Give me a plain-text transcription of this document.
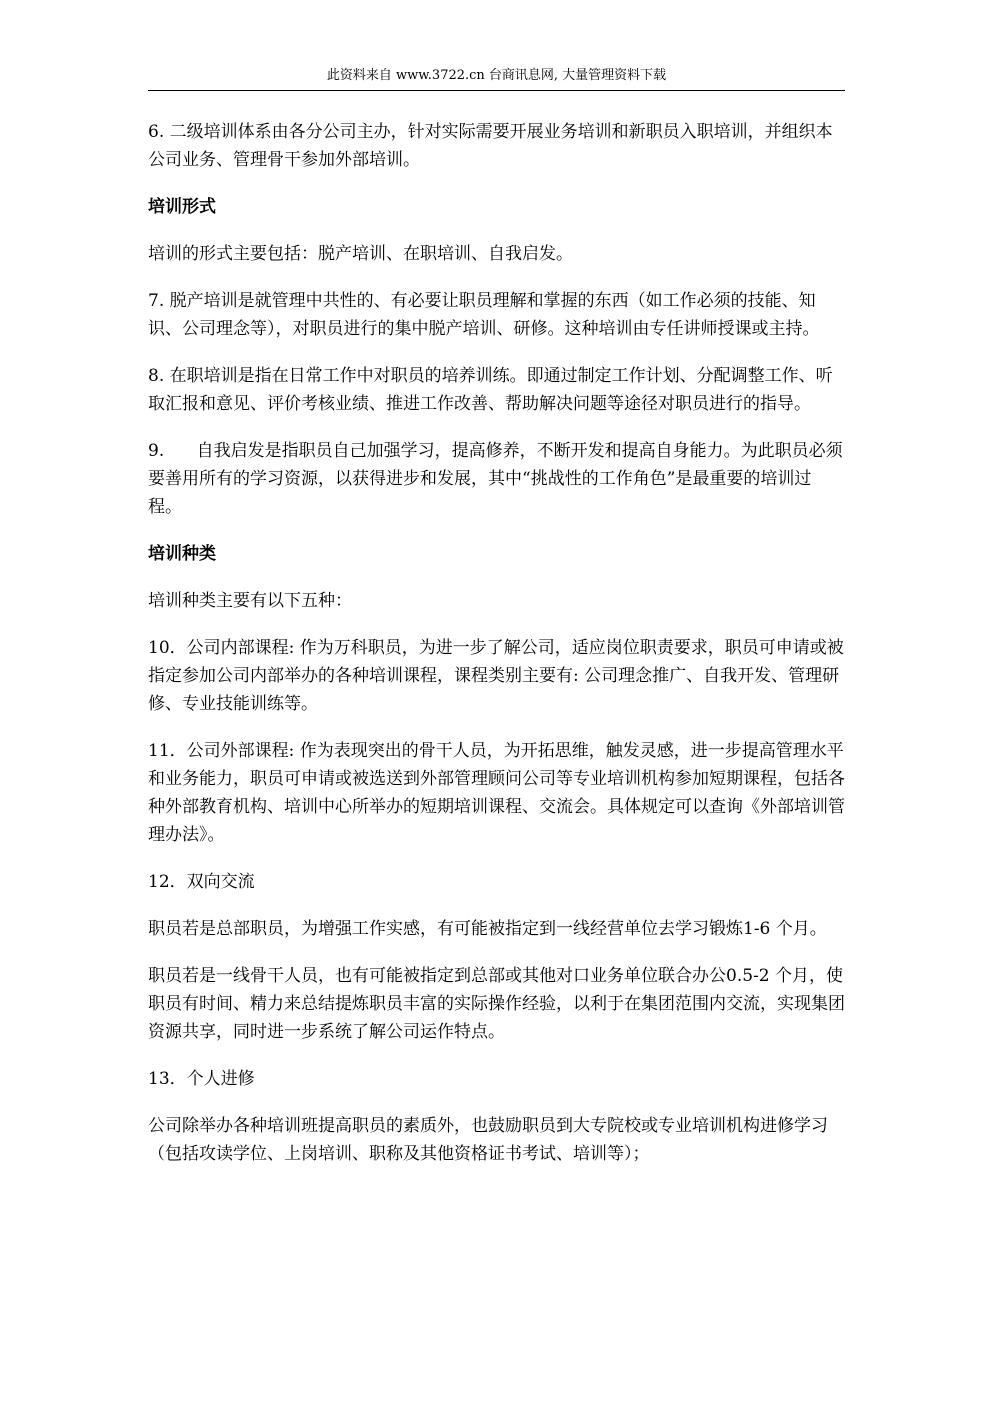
此资料来自 www.3722.cn 台商讯息网, 大量管理资料下载

6. 二级培训体系由各分公司主办，针对实际需要开展业务培训和新职员入职培训，并组织本公司业务、管理骨干参加外部培训。

培训形式

培训的形式主要包括：脱产培训、在职培训、自我启发。

7. 脱产培训是就管理中共性的、有必要让职员理解和掌握的东西（如工作必须的技能、知识、公司理念等），对职员进行的集中脱产培训、研修。这种培训由专任讲师授课或主持。

8. 在职培训是指在日常工作中对职员的培养训练。即通过制定工作计划、分配调整工作、听取汇报和意见、评价考核业绩、推进工作改善、帮助解决问题等途径对职员进行的指导。

9.      自我启发是指职员自己加强学习，提高修养，不断开发和提高自身能力。为此职员必须要善用所有的学习资源，以获得进步和发展，其中“挑战性的工作角色”是最重要的培训过程。

培训种类

培训种类主要有以下五种：

10．公司内部课程: 作为万科职员，为进一步了解公司，适应岗位职责要求，职员可申请或被指定参加公司内部举办的各种培训课程，课程类别主要有: 公司理念推广、自我开发、管理研修、专业技能训练等。

11．公司外部课程: 作为表现突出的骨干人员，为开拓思维，触发灵感，进一步提高管理水平和业务能力，职员可申请或被选送到外部管理顾问公司等专业培训机构参加短期课程，包括各种外部教育机构、培训中心所举办的短期培训课程、交流会。具体规定可以查询《外部培训管理办法》。

12．双向交流

职员若是总部职员，为增强工作实感，有可能被指定到一线经营单位去学习锻炼1-6 个月。

职员若是一线骨干人员，也有可能被指定到总部或其他对口业务单位联合办公0.5-2 个月，使职员有时间、精力来总结提炼职员丰富的实际操作经验，以利于在集团范围内交流，实现集团资源共享，同时进一步系统了解公司运作特点。

13．个人进修

公司除举办各种培训班提高职员的素质外，也鼓励职员到大专院校或专业培训机构进修学习（包括攻读学位、上岗培训、职称及其他资格证书考试、培训等）；
